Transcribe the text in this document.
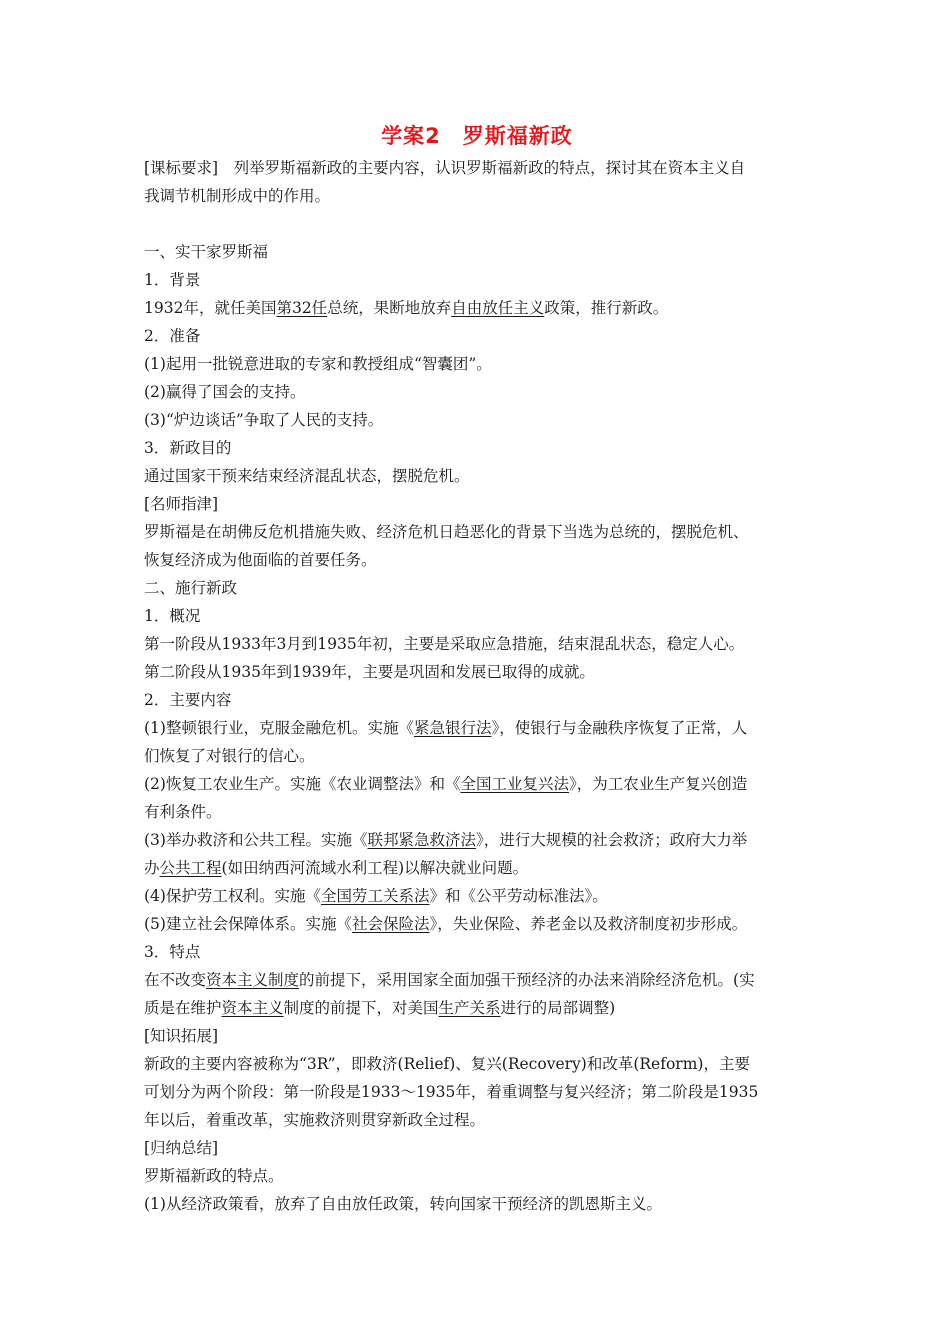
学案2　罗斯福新政
[课标要求]　列举罗斯福新政的主要内容，认识罗斯福新政的特点，探讨其在资本主义自
我调节机制形成中的作用。
一、实干家罗斯福
1．背景
1932年，就任美国第32任总统，果断地放弃自由放任主义政策，推行新政。
2．准备
(1)起用一批锐意进取的专家和教授组成“智囊团”。
(2)赢得了国会的支持。
(3)“炉边谈话”争取了人民的支持。
3．新政目的
通过国家干预来结束经济混乱状态，摆脱危机。
[名师指津]
罗斯福是在胡佛反危机措施失败、经济危机日趋恶化的背景下当选为总统的，摆脱危机、
恢复经济成为他面临的首要任务。
二、施行新政
1．概况
第一阶段从1933年3月到1935年初，主要是采取应急措施，结束混乱状态，稳定人心。
第二阶段从1935年到1939年，主要是巩固和发展已取得的成就。
2．主要内容
(1)整顿银行业，克服金融危机。实施《紧急银行法》，使银行与金融秩序恢复了正常，人
们恢复了对银行的信心。
(2)恢复工农业生产。实施《农业调整法》和《全国工业复兴法》，为工农业生产复兴创造
有利条件。
(3)举办救济和公共工程。实施《联邦紧急救济法》，进行大规模的社会救济；政府大力举
办公共工程(如田纳西河流域水利工程)以解决就业问题。
(4)保护劳工权利。实施《全国劳工关系法》和《公平劳动标准法》。
(5)建立社会保障体系。实施《社会保险法》，失业保险、养老金以及救济制度初步形成。
3．特点
在不改变资本主义制度的前提下，采用国家全面加强干预经济的办法来消除经济危机。(实
质是在维护资本主义制度的前提下，对美国生产关系进行的局部调整)
[知识拓展]
新政的主要内容被称为“3R”，即救济(Relief)、复兴(Recovery)和改革(Reform)，主要
可划分为两个阶段：第一阶段是1933～1935年，着重调整与复兴经济；第二阶段是1935
年以后，着重改革，实施救济则贯穿新政全过程。
[归纳总结]
罗斯福新政的特点。
(1)从经济政策看，放弃了自由放任政策，转向国家干预经济的凯恩斯主义。
